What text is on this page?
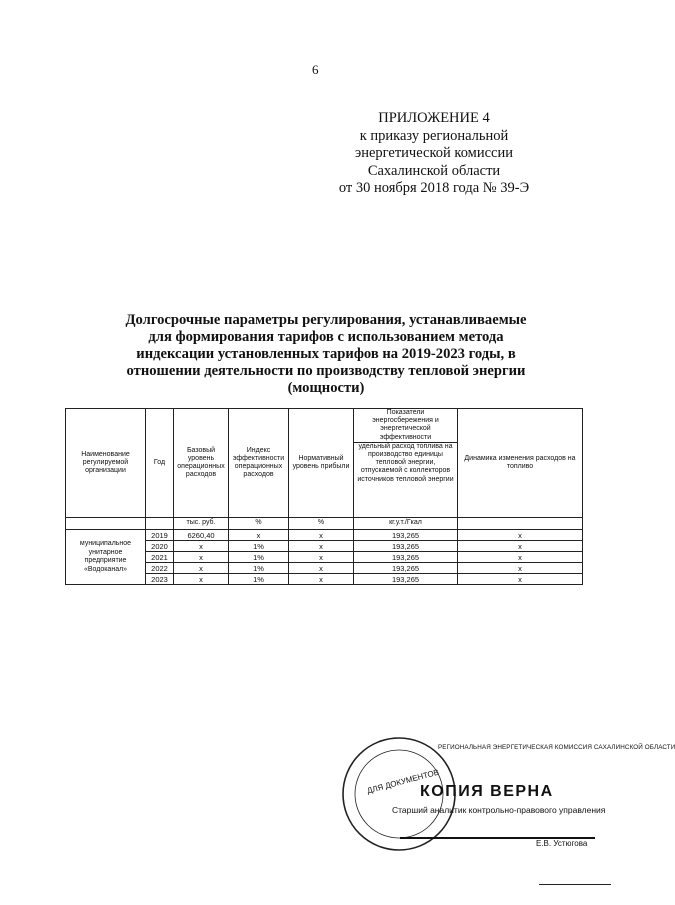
6
ПРИЛОЖЕНИЕ 4
к приказу региональной
энергетической комиссии
Сахалинской области
от 30 ноября 2018 года № 39-Э
Долгосрочные параметры регулирования, устанавливаемые
для формирования тарифов с использованием метода
индексации установленных тарифов на 2019-2023 годы, в
отношении деятельности по производству тепловой энергии
(мощности)
Наименование регулируемой организации	Год	Базовый уровень операционных расходов	Индекс эффективности операционных расходов	Нормативный уровень прибыли	Показатели энергосбережения и энергетической эффективности	Динамика изменения расходов на топливо
					удельный расход топлива на производство единицы тепловой энергии, отпускаемой с коллекторов источников тепловой энергии	
		тыс. руб.	%	%	кг.у.т./Гкал	
муниципальное унитарное предприятие «Водоканал»	2019	6260,40	х	х	193,265	х
	2020	х	1%	х	193,265	х
	2021	х	1%	х	193,265	х
	2022	х	1%	х	193,265	х
	2023	х	1%	х	193,265	х
РЕГИОНАЛЬНАЯ ЭНЕРГЕТИЧЕСКАЯ КОМИССИЯ САХАЛИНСКОЙ ОБЛАСТИ
ДЛЯ ДОКУМЕНТОВ
КОПИЯ ВЕРНА
Старший аналитик контрольно-правового управления
Е.В. Устюгова
